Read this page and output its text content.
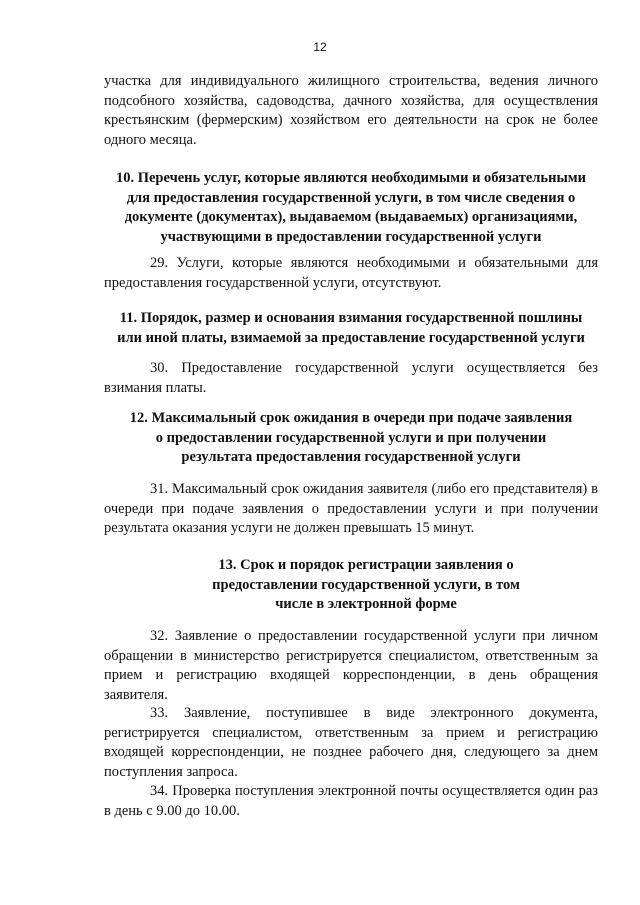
12

участка для индивидуального жилищного строительства, ведения личного подсобного хозяйства, садоводства, дачного хозяйства, для осуществления крестьянским (фермерским) хозяйством его деятельности на срок не более одного месяца.

10. Перечень услуг, которые являются необходимыми и обязательными для предоставления государственной услуги, в том числе сведения о документе (документах), выдаваемом (выдаваемых) организациями, участвующими в предоставлении государственной услуги

29. Услуги, которые являются необходимыми и обязательными для предоставления государственной услуги, отсутствуют.

11. Порядок, размер и основания взимания государственной пошлины или иной платы, взимаемой за предоставление государственной услуги

30. Предоставление государственной услуги осуществляется без взимания платы.

12. Максимальный срок ожидания в очереди при подаче заявления о предоставлении государственной услуги и при получении результата предоставления государственной услуги

31. Максимальный срок ожидания заявителя (либо его представителя) в очереди при подаче заявления о предоставлении услуги и при получении результата оказания услуги не должен превышать 15 минут.

13. Срок и порядок регистрации заявления о предоставлении государственной услуги, в том числе в электронной форме

32. Заявление о предоставлении государственной услуги при личном обращении в министерство регистрируется специалистом, ответственным за прием и регистрацию входящей корреспонденции, в день обращения заявителя.

33. Заявление, поступившее в виде электронного документа, регистрируется специалистом, ответственным за прием и регистрацию входящей корреспонденции, не позднее рабочего дня, следующего за днем поступления запроса.

34. Проверка поступления электронной почты осуществляется один раз в день с 9.00 до 10.00.
